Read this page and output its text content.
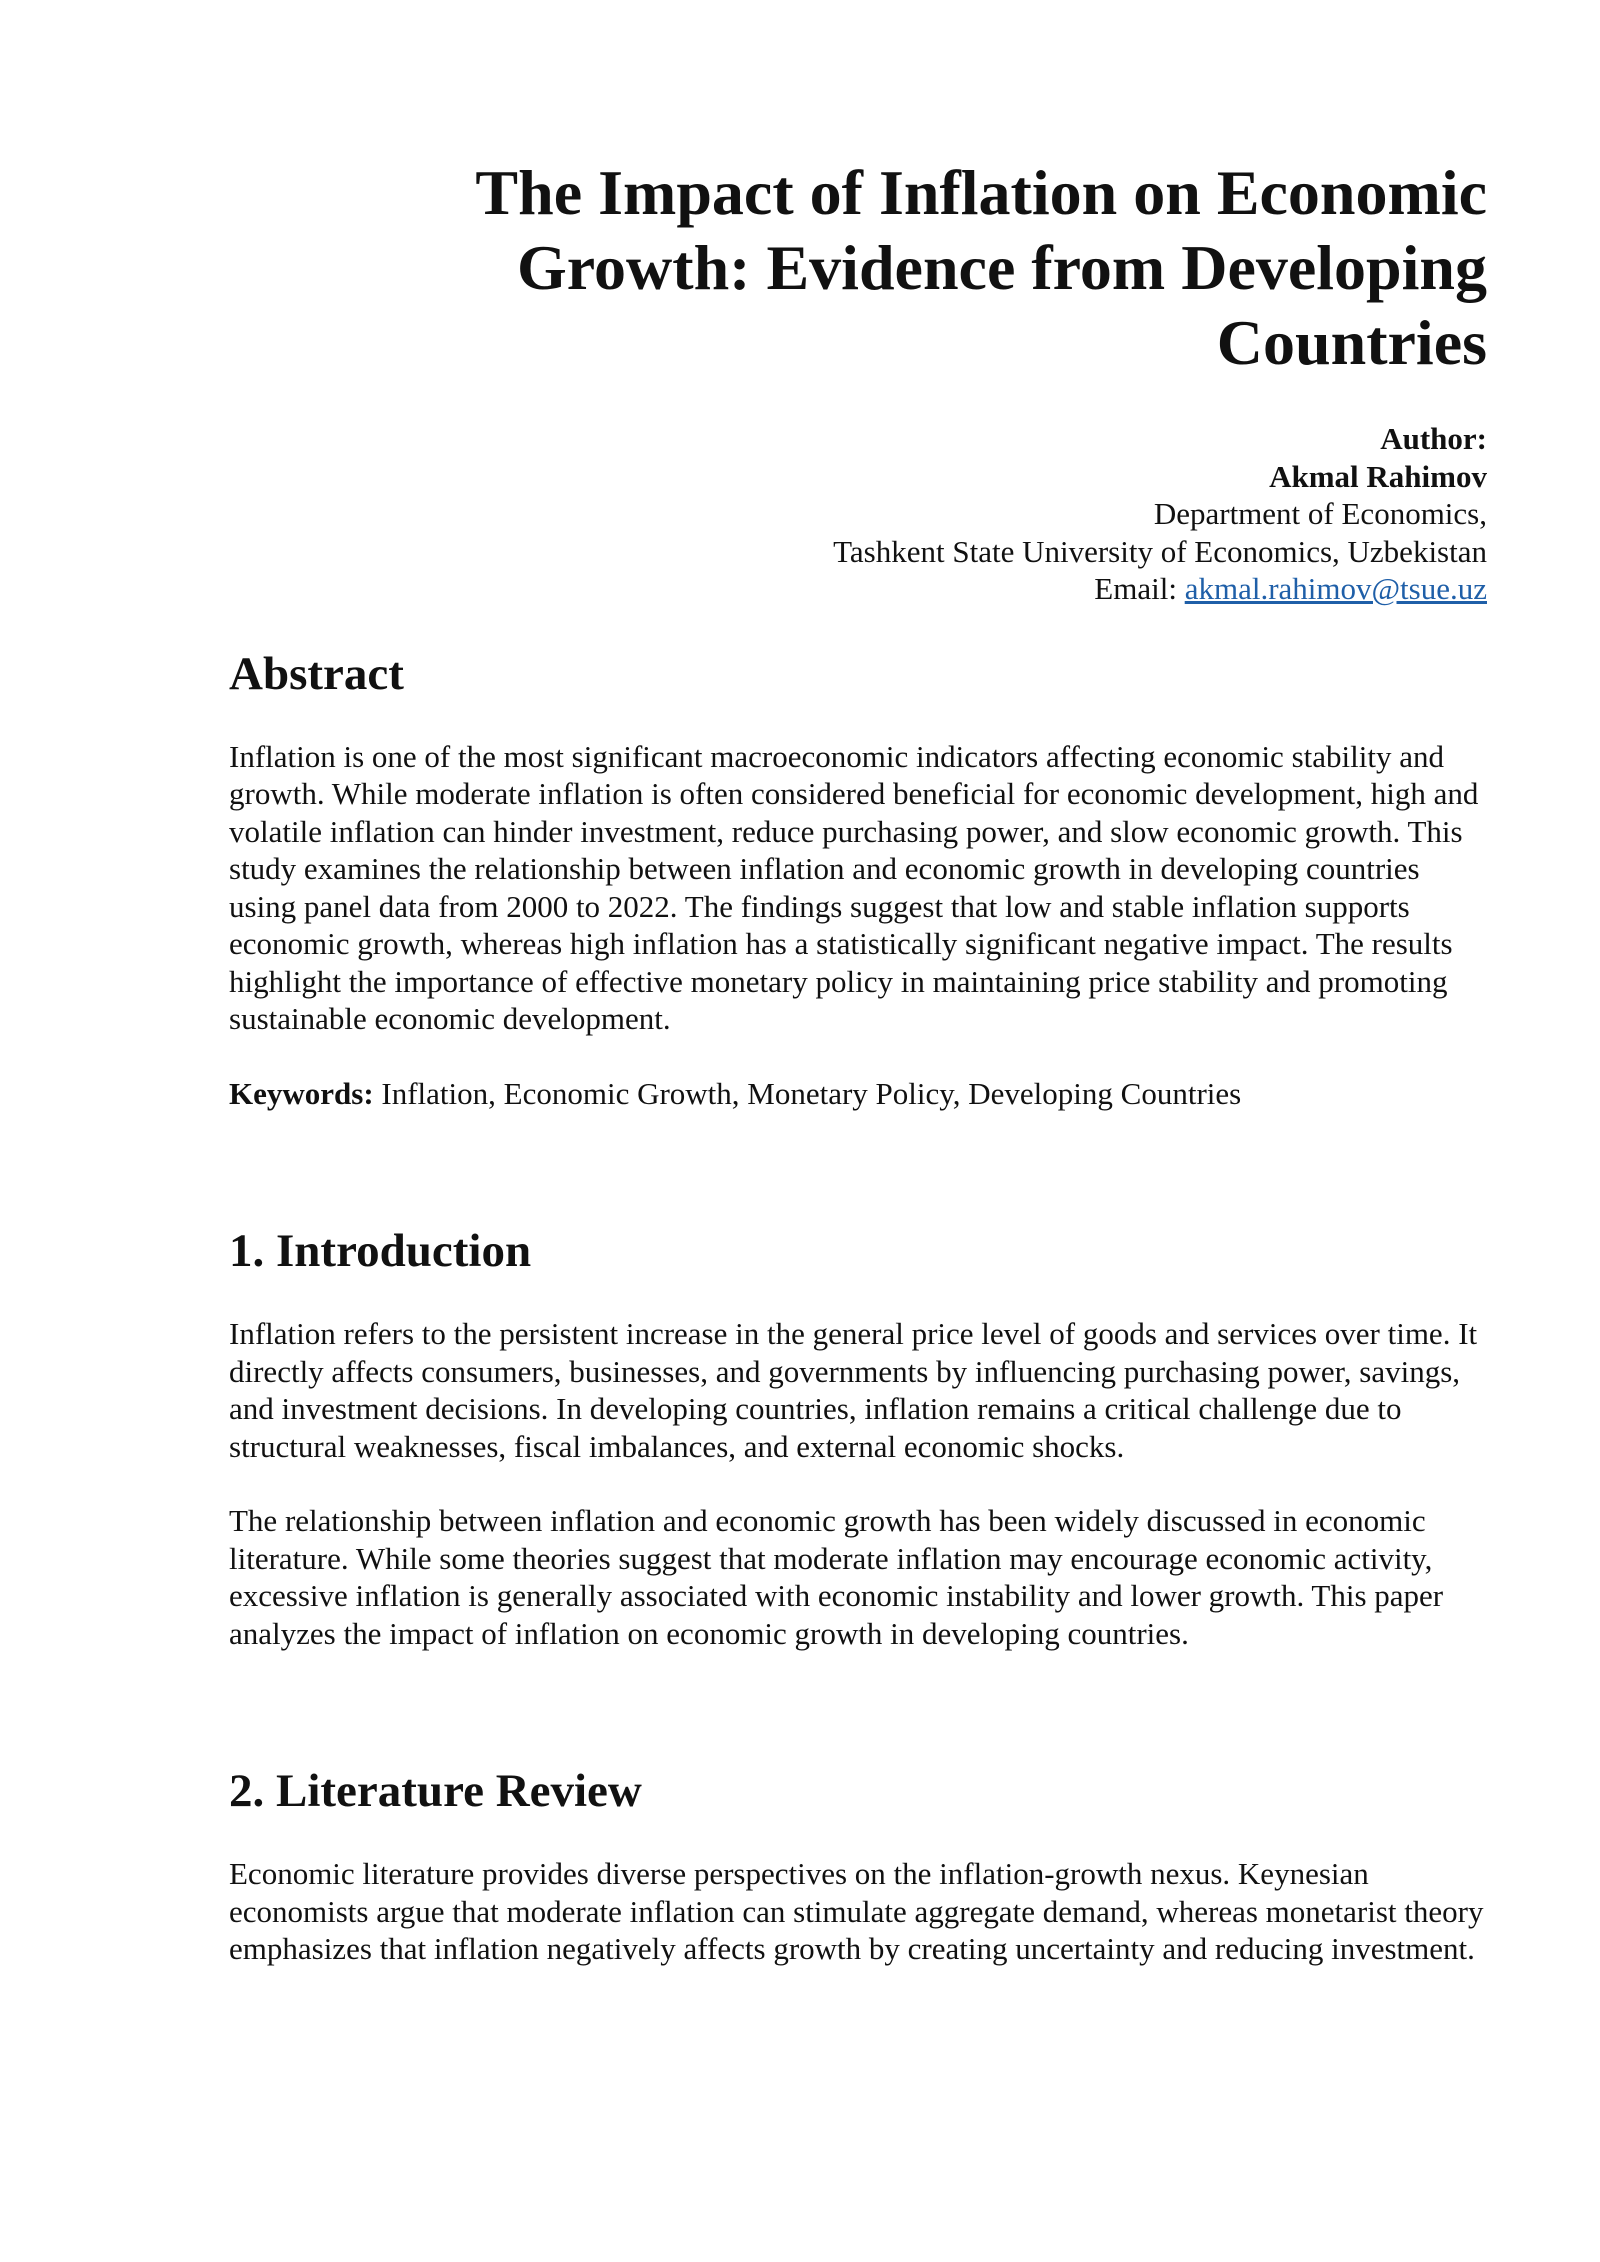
The Impact of Inflation on Economic
Growth: Evidence from Developing
Countries
Author:
Akmal Rahimov
Department of Economics,
Tashkent State University of Economics, Uzbekistan
Email: akmal.rahimov@tsue.uz
Abstract

Inflation is one of the most significant macroeconomic indicators affecting economic stability and growth. While moderate inflation is often considered beneficial for economic development, high and volatile inflation can hinder investment, reduce purchasing power, and slow economic growth. This study examines the relationship between inflation and economic growth in developing countries using panel data from 2000 to 2022. The findings suggest that low and stable inflation supports economic growth, whereas high inflation has a statistically significant negative impact. The results highlight the importance of effective monetary policy in maintaining price stability and promoting sustainable economic development.

Keywords: Inflation, Economic Growth, Monetary Policy, Developing Countries

1. Introduction

Inflation refers to the persistent increase in the general price level of goods and services over time. It directly affects consumers, businesses, and governments by influencing purchasing power, savings, and investment decisions. In developing countries, inflation remains a critical challenge due to structural weaknesses, fiscal imbalances, and external economic shocks.

The relationship between inflation and economic growth has been widely discussed in economic literature. While some theories suggest that moderate inflation may encourage economic activity, excessive inflation is generally associated with economic instability and lower growth. This paper analyzes the impact of inflation on economic growth in developing countries.

2. Literature Review

Economic literature provides diverse perspectives on the inflation-growth nexus. Keynesian economists argue that moderate inflation can stimulate aggregate demand, whereas monetarist theory emphasizes that inflation negatively affects growth by creating uncertainty and reducing investment.
